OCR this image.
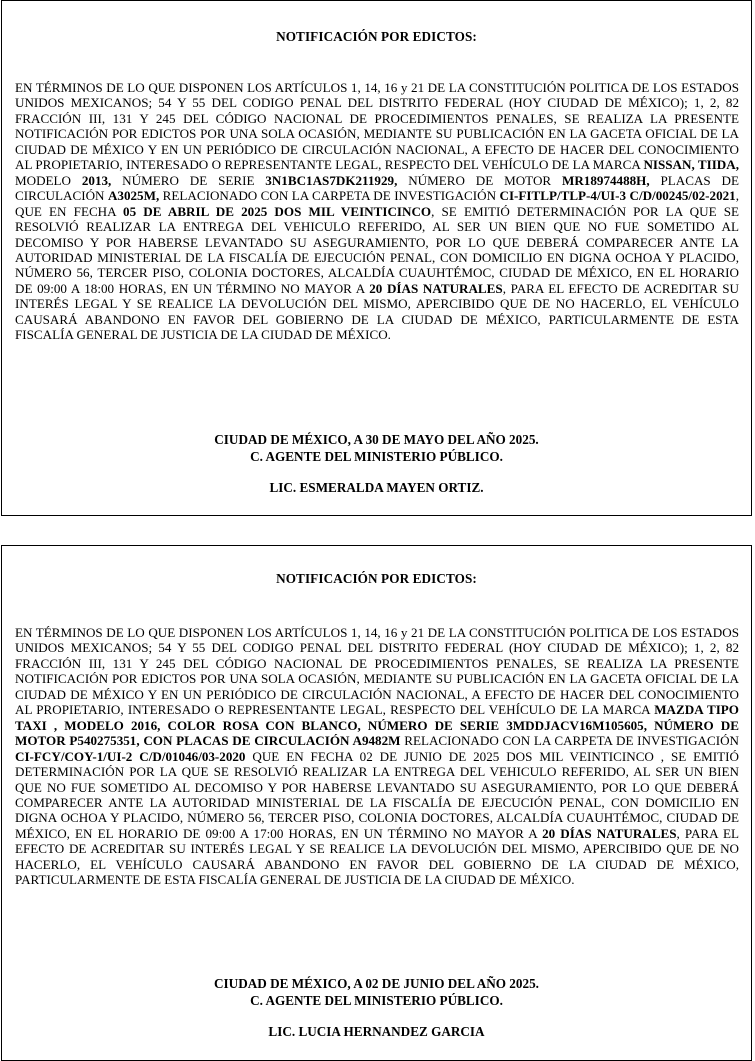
NOTIFICACIÓN POR EDICTOS:
EN TÉRMINOS DE LO QUE DISPONEN LOS ARTÍCULOS 1, 14, 16 y 21 DE LA CONSTITUCIÓN POLITICA DE LOS ESTADOS UNIDOS MEXICANOS; 54 Y 55 DEL CODIGO PENAL DEL DISTRITO FEDERAL (HOY CIUDAD DE MÉXICO); 1, 2, 82 FRACCIÓN III, 131 Y 245 DEL CÓDIGO NACIONAL DE PROCEDIMIENTOS PENALES, SE REALIZA LA PRESENTE NOTIFICACIÓN POR EDICTOS POR UNA SOLA OCASIÓN, MEDIANTE SU PUBLICACIÓN EN LA GACETA OFICIAL DE LA CIUDAD DE MÉXICO Y EN UN PERIÓDICO DE CIRCULACIÓN NACIONAL, A EFECTO DE HACER DEL CONOCIMIENTO AL PROPIETARIO, INTERESADO O REPRESENTANTE LEGAL, RESPECTO DEL VEHÍCULO DE LA MARCA NISSAN, TIIDA, MODELO 2013, NÚMERO DE SERIE 3N1BC1AS7DK211929, NÚMERO DE MOTOR MR18974488H, PLACAS DE CIRCULACIÓN A3025M, RELACIONADO CON LA CARPETA DE INVESTIGACIÓN CI-FITLP/TLP-4/UI-3 C/D/00245/02-2021, QUE EN FECHA 05 DE ABRIL DE 2025 DOS MIL VEINTICINCO, SE EMITIÓ DETERMINACIÓN POR LA QUE SE RESOLVIÓ REALIZAR LA ENTREGA DEL VEHICULO REFERIDO, AL SER UN BIEN QUE NO FUE SOMETIDO AL DECOMISO Y POR HABERSE LEVANTADO SU ASEGURAMIENTO, POR LO QUE DEBERÁ COMPARECER ANTE LA AUTORIDAD MINISTERIAL DE LA FISCALÍA DE EJECUCIÓN PENAL, CON DOMICILIO EN DIGNA OCHOA Y PLACIDO, NÚMERO 56, TERCER PISO, COLONIA DOCTORES, ALCALDÍA CUAUHTÉMOC, CIUDAD DE MÉXICO, EN EL HORARIO DE 09:00 A 18:00 HORAS, EN UN TÉRMINO NO MAYOR A 20 DÍAS NATURALES, PARA EL EFECTO DE ACREDITAR SU INTERÉS LEGAL Y SE REALICE LA DEVOLUCIÓN DEL MISMO, APERCIBIDO QUE DE NO HACERLO, EL VEHÍCULO CAUSARÁ ABANDONO EN FAVOR DEL GOBIERNO DE LA CIUDAD DE MÉXICO, PARTICULARMENTE DE ESTA FISCALÍA GENERAL DE JUSTICIA DE LA CIUDAD DE MÉXICO.
CIUDAD DE MÉXICO, A 30 DE MAYO DEL AÑO 2025.
C. AGENTE DEL MINISTERIO PÚBLICO.
LIC. ESMERALDA MAYEN ORTIZ.
NOTIFICACIÓN POR EDICTOS:
EN TÉRMINOS DE LO QUE DISPONEN LOS ARTÍCULOS 1, 14, 16 y 21 DE LA CONSTITUCIÓN POLITICA DE LOS ESTADOS UNIDOS MEXICANOS; 54 Y 55 DEL CODIGO PENAL DEL DISTRITO FEDERAL (HOY CIUDAD DE MÉXICO); 1, 2, 82 FRACCIÓN III, 131 Y 245 DEL CÓDIGO NACIONAL DE PROCEDIMIENTOS PENALES, SE REALIZA LA PRESENTE NOTIFICACIÓN POR EDICTOS POR UNA SOLA OCASIÓN, MEDIANTE SU PUBLICACIÓN EN LA GACETA OFICIAL DE LA CIUDAD DE MÉXICO Y EN UN PERIÓDICO DE CIRCULACIÓN NACIONAL, A EFECTO DE HACER DEL CONOCIMIENTO AL PROPIETARIO, INTERESADO O REPRESENTANTE LEGAL, RESPECTO DEL VEHÍCULO DE LA MARCA MAZDA TIPO TAXI , MODELO 2016, COLOR ROSA CON BLANCO, NÚMERO DE SERIE 3MDDJACV16M105605, NÚMERO DE MOTOR P540275351, CON PLACAS DE CIRCULACIÓN A9482M RELACIONADO CON LA CARPETA DE INVESTIGACIÓN CI-FCY/COY-1/UI-2 C/D/01046/03-2020 QUE EN FECHA 02 DE JUNIO DE 2025 DOS MIL VEINTICINCO , SE EMITIÓ DETERMINACIÓN POR LA QUE SE RESOLVIÓ REALIZAR LA ENTREGA DEL VEHICULO REFERIDO, AL SER UN BIEN QUE NO FUE SOMETIDO AL DECOMISO Y POR HABERSE LEVANTADO SU ASEGURAMIENTO, POR LO QUE DEBERÁ COMPARECER ANTE LA AUTORIDAD MINISTERIAL DE LA FISCALÍA DE EJECUCIÓN PENAL, CON DOMICILIO EN DIGNA OCHOA Y PLACIDO, NÚMERO 56, TERCER PISO, COLONIA DOCTORES, ALCALDÍA CUAUHTÉMOC, CIUDAD DE MÉXICO, EN EL HORARIO DE 09:00 A 17:00 HORAS, EN UN TÉRMINO NO MAYOR A 20 DÍAS NATURALES, PARA EL EFECTO DE ACREDITAR SU INTERÉS LEGAL Y SE REALICE LA DEVOLUCIÓN DEL MISMO, APERCIBIDO QUE DE NO HACERLO, EL VEHÍCULO CAUSARÁ ABANDONO EN FAVOR DEL GOBIERNO DE LA CIUDAD DE MÉXICO, PARTICULARMENTE DE ESTA FISCALÍA GENERAL DE JUSTICIA DE LA CIUDAD DE MÉXICO.
CIUDAD DE MÉXICO, A 02 DE JUNIO DEL AÑO 2025.
C. AGENTE DEL MINISTERIO PÚBLICO.
LIC. LUCIA HERNANDEZ GARCIA
